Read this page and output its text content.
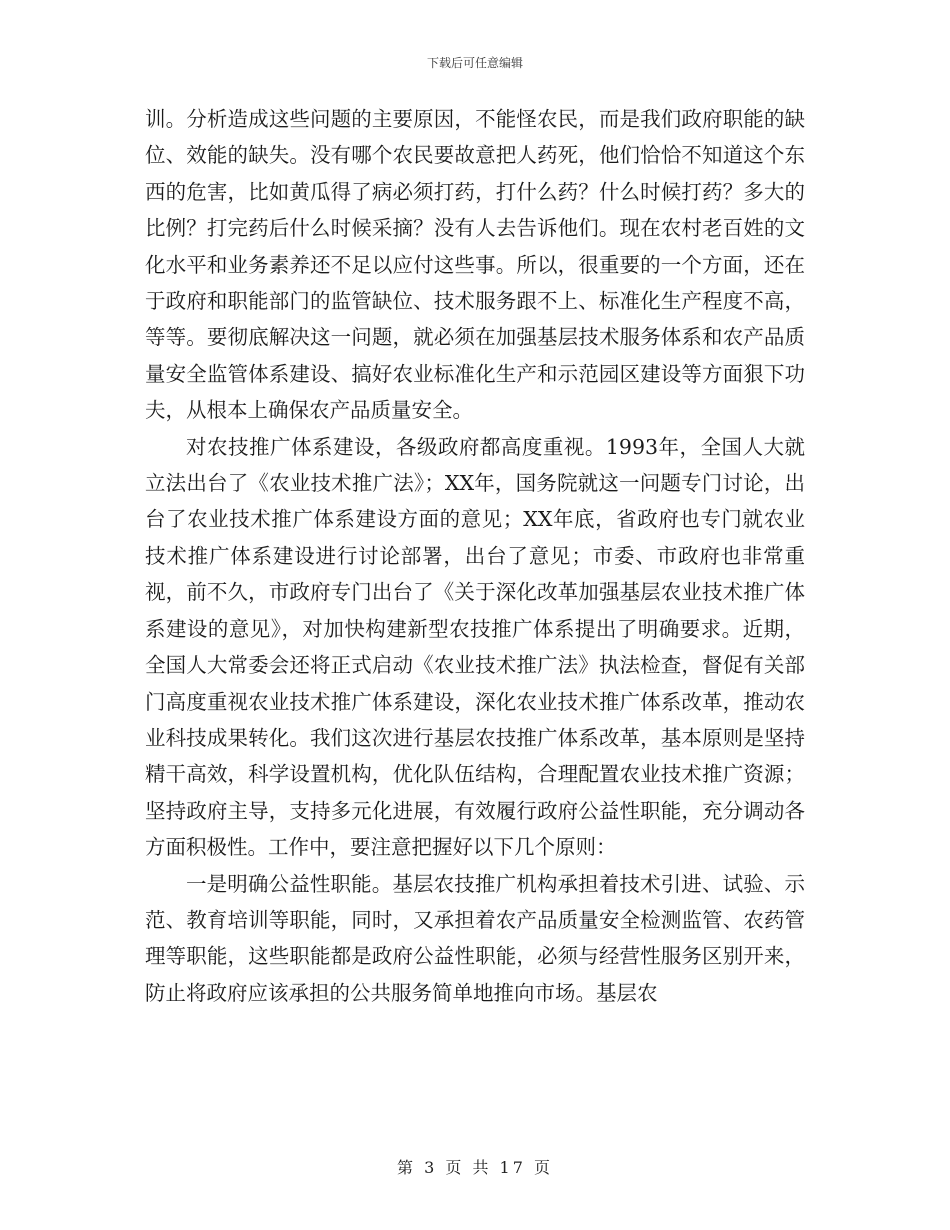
下载后可任意编辑

训。分析造成这些问题的主要原因，不能怪农民，而是我们政府职能的缺位、效能的缺失。没有哪个农民要故意把人药死，他们恰恰不知道这个东西的危害，比如黄瓜得了病必须打药，打什么药？什么时候打药？多大的比例？打完药后什么时候采摘？没有人去告诉他们。现在农村老百姓的文化水平和业务素养还不足以应付这些事。所以，很重要的一个方面，还在于政府和职能部门的监管缺位、技术服务跟不上、标准化生产程度不高，等等。要彻底解决这一问题，就必须在加强基层技术服务体系和农产品质量安全监管体系建设、搞好农业标准化生产和示范园区建设等方面狠下功夫，从根本上确保农产品质量安全。

对农技推广体系建设，各级政府都高度重视。1993年，全国人大就立法出台了《农业技术推广法》；XX年，国务院就这一问题专门讨论，出台了农业技术推广体系建设方面的意见；XX年底，省政府也专门就农业技术推广体系建设进行讨论部署，出台了意见；市委、市政府也非常重视，前不久，市政府专门出台了《关于深化改革加强基层农业技术推广体系建设的意见》，对加快构建新型农技推广体系提出了明确要求。近期，全国人大常委会还将正式启动《农业技术推广法》执法检查，督促有关部门高度重视农业技术推广体系建设，深化农业技术推广体系改革，推动农业科技成果转化。我们这次进行基层农技推广体系改革，基本原则是坚持精干高效，科学设置机构，优化队伍结构，合理配置农业技术推广资源；坚持政府主导，支持多元化进展，有效履行政府公益性职能，充分调动各方面积极性。工作中，要注意把握好以下几个原则：

一是明确公益性职能。基层农技推广机构承担着技术引进、试验、示范、教育培训等职能，同时，又承担着农产品质量安全检测监管、农药管理等职能，这些职能都是政府公益性职能，必须与经营性服务区别开来，防止将政府应该承担的公共服务简单地推向市场。基层农

第 3 页 共 17 页
